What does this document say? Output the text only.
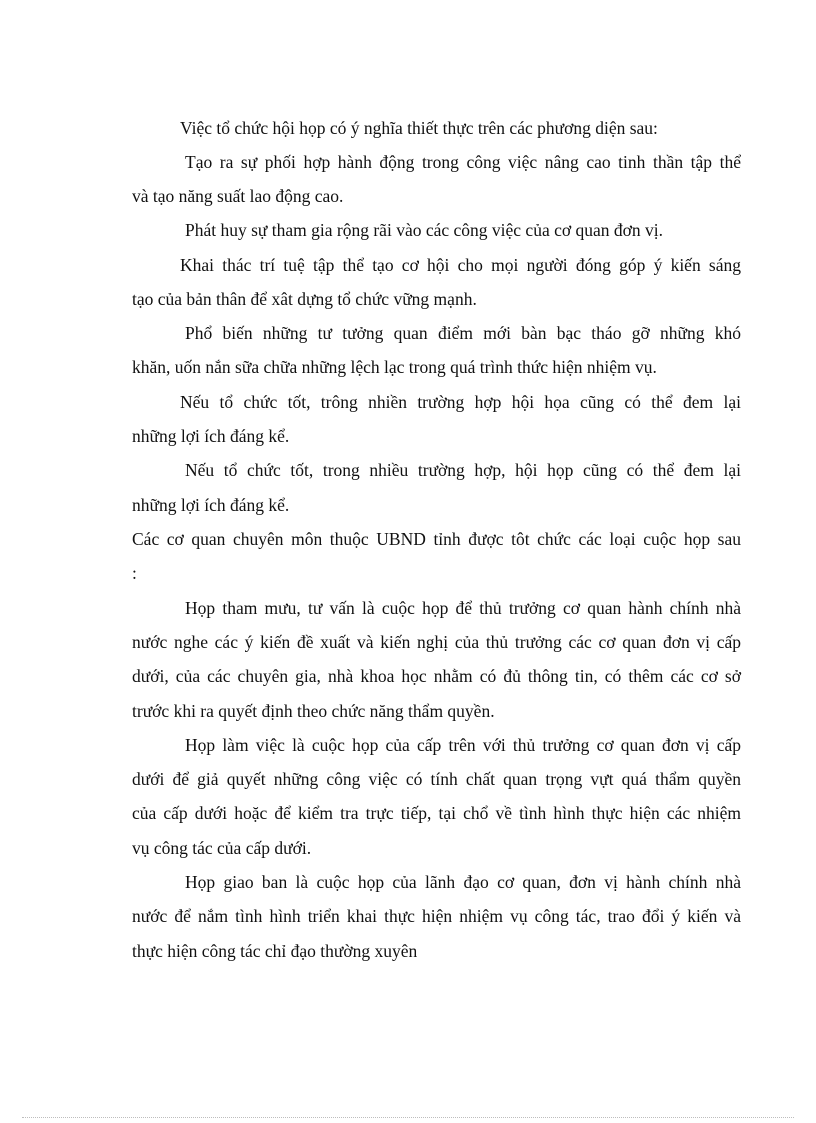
Việc tổ chức hội họp có ý nghĩa thiết thực trên các phương diện sau:
Tạo ra sự phối hợp hành động trong công việc nâng cao tinh thần tập thể
và tạo năng suất lao động cao.
Phát huy sự tham gia rộng rãi vào các công việc của cơ quan đơn vị.
Khai thác trí tuệ tập thể tạo cơ hội cho mọi người đóng góp ý kiến sáng
tạo của bản thân để xât dựng tổ chức vững mạnh.
Phổ biến những tư tưởng quan điểm mới bàn bạc tháo gỡ những khó
khăn, uốn nắn sữa chữa những lệch lạc trong quá trình thức hiện nhiệm vụ.
Nếu tổ chức tốt, trông nhiền trường hợp hội họa cũng có thể đem lại
những lợi ích đáng kể.
Nếu tổ chức tốt, trong nhiều trường hợp, hội họp cũng có thể đem lại
những lợi ích đáng kể.
Các cơ quan chuyên môn thuộc UBND tỉnh được tôt chức các loại cuộc họp sau
:
Họp tham mưu, tư vấn là cuộc họp để thủ trưởng cơ quan hành chính nhà
nước nghe các ý kiến đề xuất và kiến nghị của thủ trưởng các cơ quan đơn vị cấp
dưới, của các chuyên gia, nhà khoa học nhằm có đủ thông tin, có thêm các cơ sở
trước khi ra quyết định theo chức năng thẩm quyền.
Họp làm việc là cuộc họp của cấp trên với thủ trưởng cơ quan đơn vị cấp
dưới để giả quyết những công việc có tính chất quan trọng vựt quá thẩm quyền
của cấp dưới hoặc để kiểm tra trực tiếp, tại chổ về tình hình thực hiện các nhiệm
vụ công tác của cấp dưới.
Họp giao ban là cuộc họp của lãnh đạo cơ quan, đơn vị hành chính nhà
nước để nắm tình hình triển khai thực hiện nhiệm vụ công tác, trao đổi ý kiến và
thực hiện công tác chỉ đạo thường xuyên
